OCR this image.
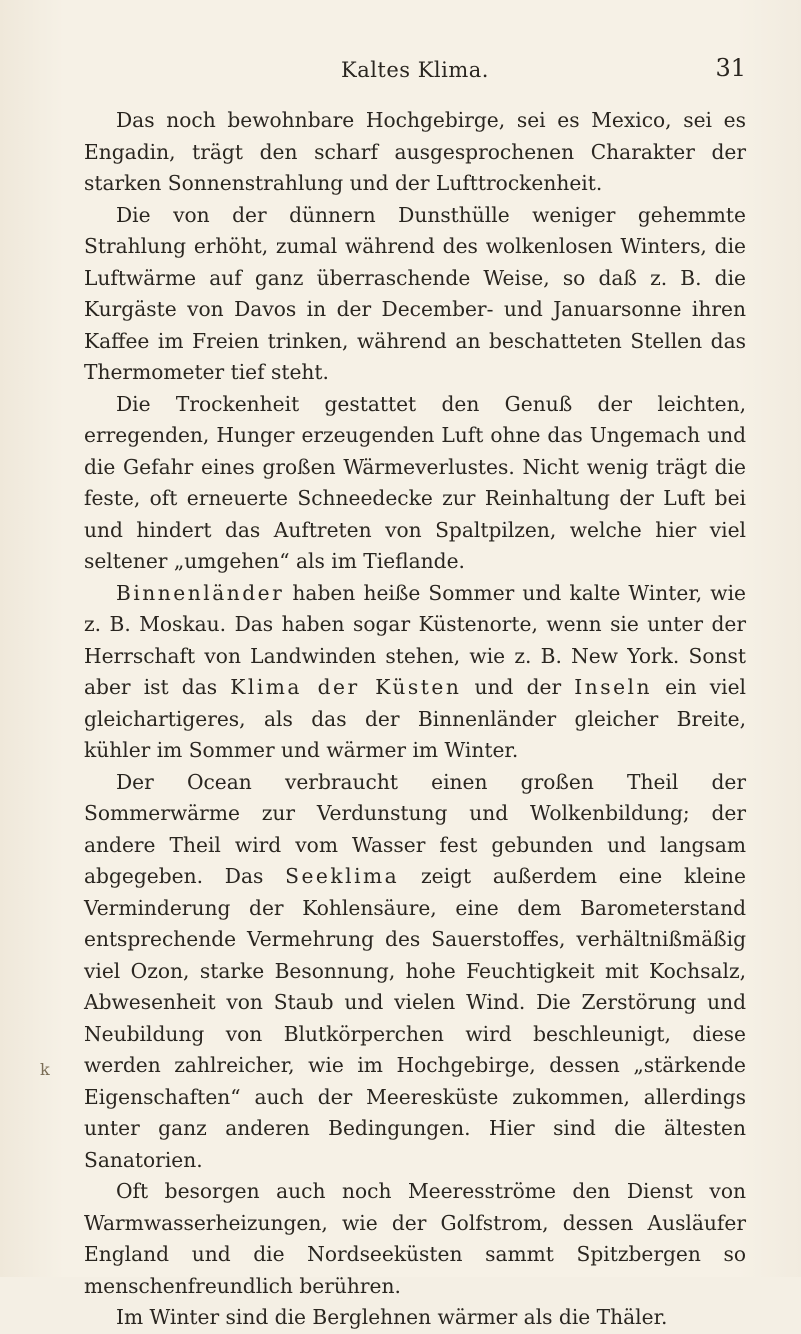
Kaltes Klima.	31
k

Das noch bewohnbare Hochgebirge, sei es Mexico, sei es Engadin, trägt den scharf ausgesprochenen Charakter der starken Sonnenstrahlung und der Lufttrockenheit.

Die von der dünnern Dunsthülle weniger gehemmte Strahlung erhöht, zumal während des wolkenlosen Winters, die Luftwärme auf ganz überraschende Weise, so daß z. B. die Kurgäste von Davos in der December- und Januarsonne ihren Kaffee im Freien trinken, während an beschatteten Stellen das Thermometer tief steht.

Die Trockenheit gestattet den Genuß der leichten, erregenden, Hunger erzeugenden Luft ohne das Ungemach und die Gefahr eines großen Wärmeverlustes. Nicht wenig trägt die feste, oft erneuerte Schneedecke zur Reinhaltung der Luft bei und hindert das Auftreten von Spaltpilzen, welche hier viel seltener „umgehen“ als im Tieflande.

Binnenländer haben heiße Sommer und kalte Winter, wie z. B. Moskau. Das haben sogar Küstenorte, wenn sie unter der Herrschaft von Landwinden stehen, wie z. B. New York. Sonst aber ist das Klima der Küsten und der Inseln ein viel gleichartigeres, als das der Binnenländer gleicher Breite, kühler im Sommer und wärmer im Winter.

Der Ocean verbraucht einen großen Theil der Sommerwärme zur Verdunstung und Wolkenbildung; der andere Theil wird vom Wasser fest gebunden und langsam abgegeben. Das Seeklima zeigt außerdem eine kleine Verminderung der Kohlensäure, eine dem Barometerstand entsprechende Vermehrung des Sauerstoffes, verhältnißmäßig viel Ozon, starke Besonnung, hohe Feuchtigkeit mit Kochsalz, Abwesenheit von Staub und vielen Wind. Die Zerstörung und Neubildung von Blutkörperchen wird beschleunigt, diese werden zahlreicher, wie im Hochgebirge, dessen „stärkende Eigenschaften“ auch der Meeresküste zukommen, allerdings unter ganz anderen Bedingungen. Hier sind die ältesten Sanatorien.

Oft besorgen auch noch Meeresströme den Dienst von Warmwasserheizungen, wie der Golfstrom, dessen Ausläufer England und die Nordseeküsten sammt Spitzbergen so menschenfreundlich berühren.

Im Winter sind die Berglehnen wärmer als die Thäler.
